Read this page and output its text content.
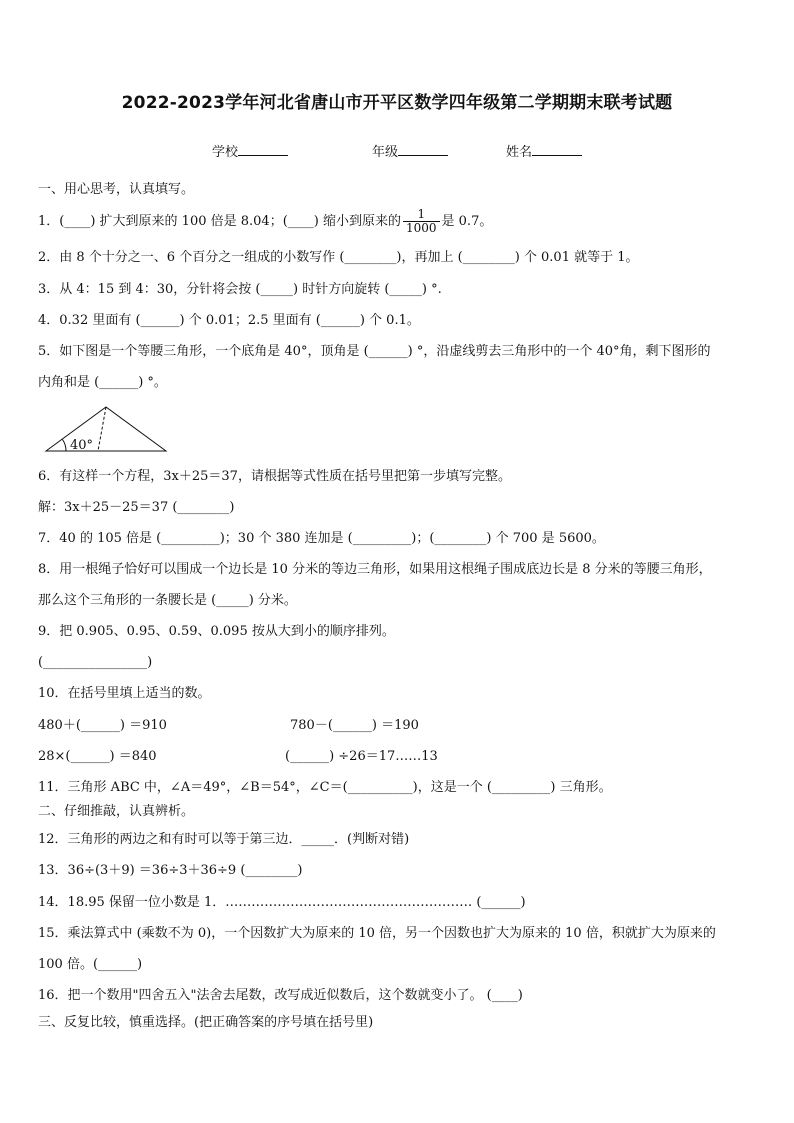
2022-2023学年河北省唐山市开平区数学四年级第二学期期末联考试题
学校	年级	姓名
一、用心思考，认真填写。
1．(____) 扩大到原来的 100 倍是 8.04；(____) 缩小到原来的 $\frac{1}{1000}$ 是 0.7。
2．由 8 个十分之一、6 个百分之一组成的小数写作 (________)，再加上 (________) 个 0.01 就等于 1。
3．从 4：15 到 4：30，分针将会按 (_____) 时针方向旋转 (_____) °.
4．0.32 里面有 (______) 个 0.01；2.5 里面有 (______) 个 0.1。
5．如下图是一个等腰三角形，一个底角是 40°，顶角是 (______) °，沿虚线剪去三角形中的一个 40°角，剩下图形的
内角和是 (______) °。
40°
6．有这样一个方程，3x＋25＝37，请根据等式性质在括号里把第一步填写完整。
解：3x＋25－25＝37 (________)
7．40 的 105 倍是 (_________)；30 个 380 连加是 (_________)；(________) 个 700 是 5600。
8．用一根绳子恰好可以围成一个边长是 10 分米的等边三角形，如果用这根绳子围成底边长是 8 分米的等腰三角形，
那么这个三角形的一条腰长是 (_____) 分米。
9．把 0.905、0.95、0.59、0.095 按从大到小的顺序排列。
(________________)
10．在括号里填上适当的数。
480＋(______) ＝910	780－(______) ＝190
28×(______) ＝840	(______) ÷26＝17……13
11．三角形 ABC 中，∠A＝49°，∠B＝54°，∠C＝(__________)，这是一个 (_________) 三角形。
二、仔细推敲，认真辨析。
12．三角形的两边之和有时可以等于第三边．_____．(判断对错)
13．36÷(3＋9) ＝36÷3＋36÷9 (________)
14．18.95 保留一位小数是 1．………………………………………………… (______)
15．乘法算式中 (乘数不为 0)，一个因数扩大为原来的 10 倍，另一个因数也扩大为原来的 10 倍，积就扩大为原来的
100 倍。(______)
16．把一个数用"四舍五入"法舍去尾数，改写成近似数后，这个数就变小了。 (____)
三、反复比较，慎重选择。(把正确答案的序号填在括号里)
